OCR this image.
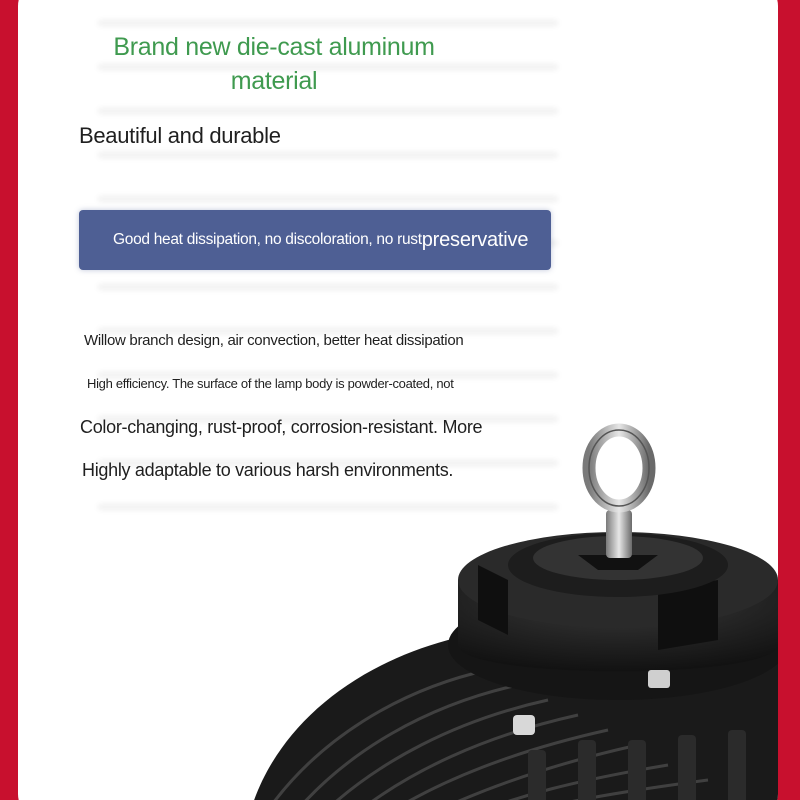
Brand new die-cast aluminum
material
Beautiful and durable
Good heat dissipation, no discoloration, no rust preservative
Willow branch design, air convection, better heat dissipation
High efficiency. The surface of the lamp body is powder-coated, not
Color-changing, rust-proof, corrosion-resistant. More
Highly adaptable to various harsh environments.
